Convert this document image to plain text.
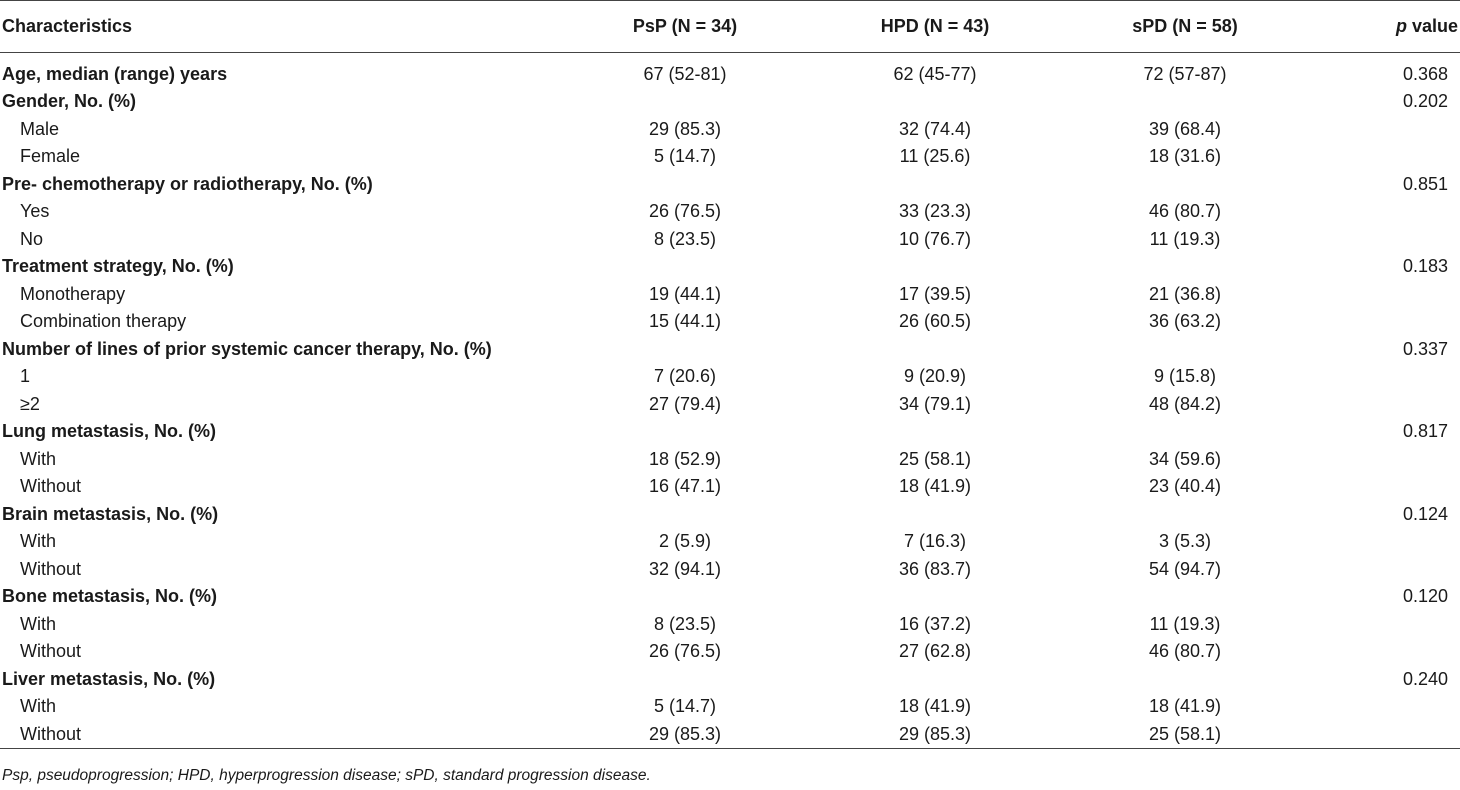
Characteristics	PsP (N = 34)	HPD (N = 43)	sPD (N = 58)	p value

Age, median (range) years	67 (52-81)	62 (45-77)	72 (57-87)	0.368
Gender, No. (%)				0.202
Male	29 (85.3)	32 (74.4)	39 (68.4)	
Female	5 (14.7)	11 (25.6)	18 (31.6)	
Pre- chemotherapy or radiotherapy, No. (%)				0.851
Yes	26 (76.5)	33 (23.3)	46 (80.7)	
No	8 (23.5)	10 (76.7)	11 (19.3)	
Treatment strategy, No. (%)				0.183
Monotherapy	19 (44.1)	17 (39.5)	21 (36.8)	
Combination therapy	15 (44.1)	26 (60.5)	36 (63.2)	
Number of lines of prior systemic cancer therapy, No. (%)				0.337
1	7 (20.6)	9 (20.9)	9 (15.8)	
≥2	27 (79.4)	34 (79.1)	48 (84.2)	
Lung metastasis, No. (%)				0.817
With	18 (52.9)	25 (58.1)	34 (59.6)	
Without	16 (47.1)	18 (41.9)	23 (40.4)	
Brain metastasis, No. (%)				0.124
With	2 (5.9)	7 (16.3)	3 (5.3)	
Without	32 (94.1)	36 (83.7)	54 (94.7)	
Bone metastasis, No. (%)				0.120
With	8 (23.5)	16 (37.2)	11 (19.3)	
Without	26 (76.5)	27 (62.8)	46 (80.7)	
Liver metastasis, No. (%)				0.240
With	5 (14.7)	18 (41.9)	18 (41.9)	
Without	29 (85.3)	29 (85.3)	25 (58.1)	
Psp, pseudoprogression; HPD, hyperprogression disease; sPD, standard progression disease.
